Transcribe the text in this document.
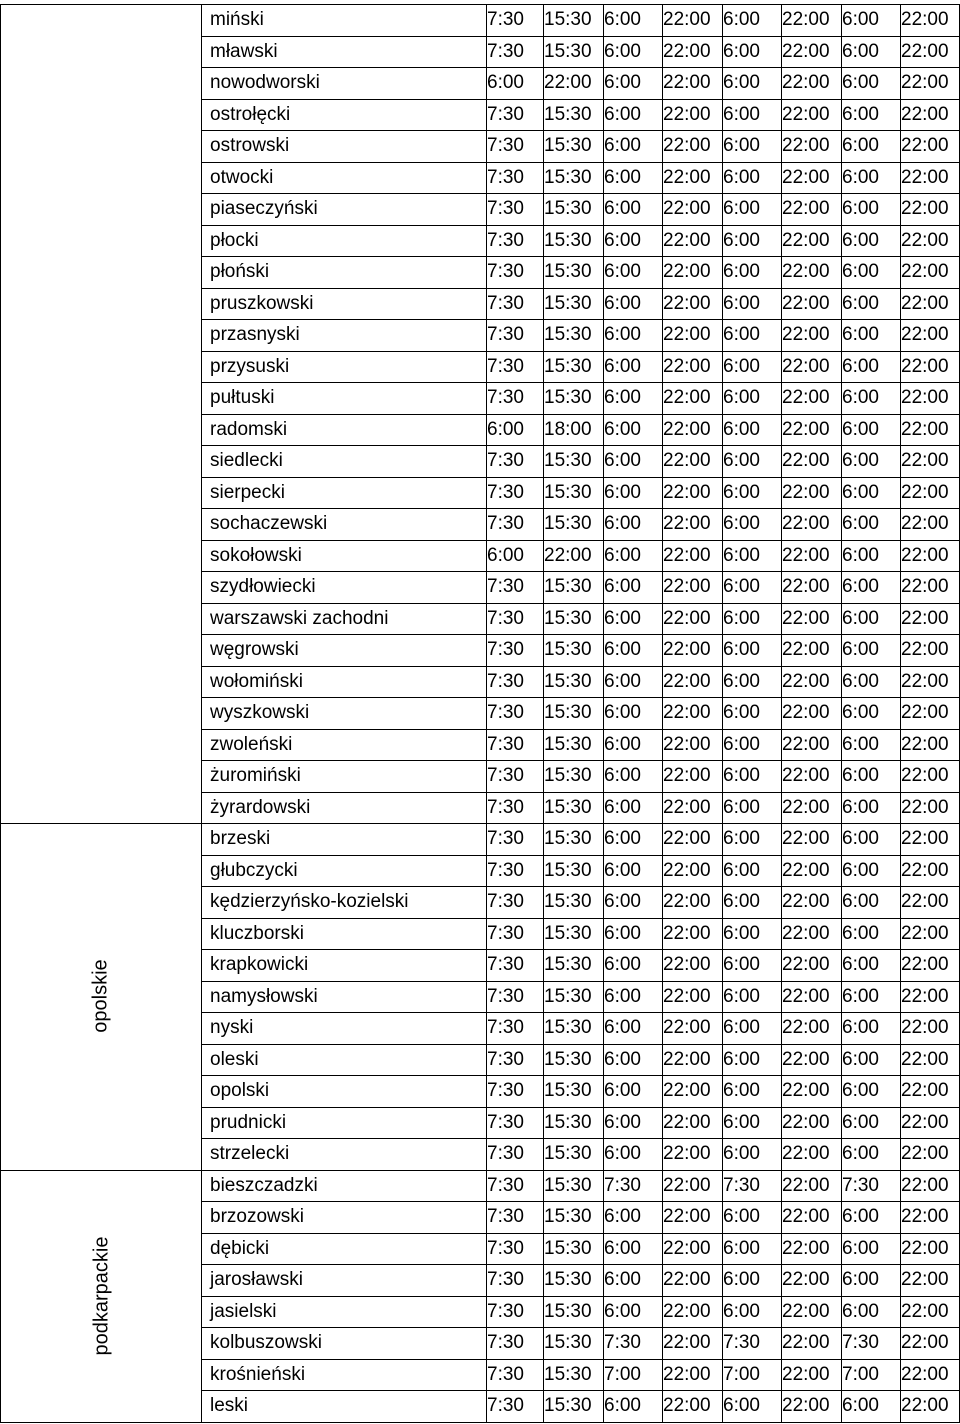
	miński	7:30	15:30	6:00	22:00	6:00	22:00	6:00	22:00
	mławski	7:30	15:30	6:00	22:00	6:00	22:00	6:00	22:00
	nowodworski	6:00	22:00	6:00	22:00	6:00	22:00	6:00	22:00
	ostrołęcki	7:30	15:30	6:00	22:00	6:00	22:00	6:00	22:00
	ostrowski	7:30	15:30	6:00	22:00	6:00	22:00	6:00	22:00
	otwocki	7:30	15:30	6:00	22:00	6:00	22:00	6:00	22:00
	piaseczyński	7:30	15:30	6:00	22:00	6:00	22:00	6:00	22:00
	płocki	7:30	15:30	6:00	22:00	6:00	22:00	6:00	22:00
	płoński	7:30	15:30	6:00	22:00	6:00	22:00	6:00	22:00
	pruszkowski	7:30	15:30	6:00	22:00	6:00	22:00	6:00	22:00
	przasnyski	7:30	15:30	6:00	22:00	6:00	22:00	6:00	22:00
	przysuski	7:30	15:30	6:00	22:00	6:00	22:00	6:00	22:00
	pułtuski	7:30	15:30	6:00	22:00	6:00	22:00	6:00	22:00
	radomski	6:00	18:00	6:00	22:00	6:00	22:00	6:00	22:00
	siedlecki	7:30	15:30	6:00	22:00	6:00	22:00	6:00	22:00
	sierpecki	7:30	15:30	6:00	22:00	6:00	22:00	6:00	22:00
	sochaczewski	7:30	15:30	6:00	22:00	6:00	22:00	6:00	22:00
	sokołowski	6:00	22:00	6:00	22:00	6:00	22:00	6:00	22:00
	szydłowiecki	7:30	15:30	6:00	22:00	6:00	22:00	6:00	22:00
	warszawski zachodni	7:30	15:30	6:00	22:00	6:00	22:00	6:00	22:00
	węgrowski	7:30	15:30	6:00	22:00	6:00	22:00	6:00	22:00
	wołomiński	7:30	15:30	6:00	22:00	6:00	22:00	6:00	22:00
	wyszkowski	7:30	15:30	6:00	22:00	6:00	22:00	6:00	22:00
	zwoleński	7:30	15:30	6:00	22:00	6:00	22:00	6:00	22:00
	żuromiński	7:30	15:30	6:00	22:00	6:00	22:00	6:00	22:00
	żyrardowski	7:30	15:30	6:00	22:00	6:00	22:00	6:00	22:00
opolskie	brzeski	7:30	15:30	6:00	22:00	6:00	22:00	6:00	22:00
	głubczycki	7:30	15:30	6:00	22:00	6:00	22:00	6:00	22:00
	kędzierzyńsko-kozielski	7:30	15:30	6:00	22:00	6:00	22:00	6:00	22:00
	kluczborski	7:30	15:30	6:00	22:00	6:00	22:00	6:00	22:00
	krapkowicki	7:30	15:30	6:00	22:00	6:00	22:00	6:00	22:00
	namysłowski	7:30	15:30	6:00	22:00	6:00	22:00	6:00	22:00
	nyski	7:30	15:30	6:00	22:00	6:00	22:00	6:00	22:00
	oleski	7:30	15:30	6:00	22:00	6:00	22:00	6:00	22:00
	opolski	7:30	15:30	6:00	22:00	6:00	22:00	6:00	22:00
	prudnicki	7:30	15:30	6:00	22:00	6:00	22:00	6:00	22:00
	strzelecki	7:30	15:30	6:00	22:00	6:00	22:00	6:00	22:00
podkarpackie	bieszczadzki	7:30	15:30	7:30	22:00	7:30	22:00	7:30	22:00
	brzozowski	7:30	15:30	6:00	22:00	6:00	22:00	6:00	22:00
	dębicki	7:30	15:30	6:00	22:00	6:00	22:00	6:00	22:00
	jarosławski	7:30	15:30	6:00	22:00	6:00	22:00	6:00	22:00
	jasielski	7:30	15:30	6:00	22:00	6:00	22:00	6:00	22:00
	kolbuszowski	7:30	15:30	7:30	22:00	7:30	22:00	7:30	22:00
	krośnieński	7:30	15:30	7:00	22:00	7:00	22:00	7:00	22:00
	leski	7:30	15:30	6:00	22:00	6:00	22:00	6:00	22:00
